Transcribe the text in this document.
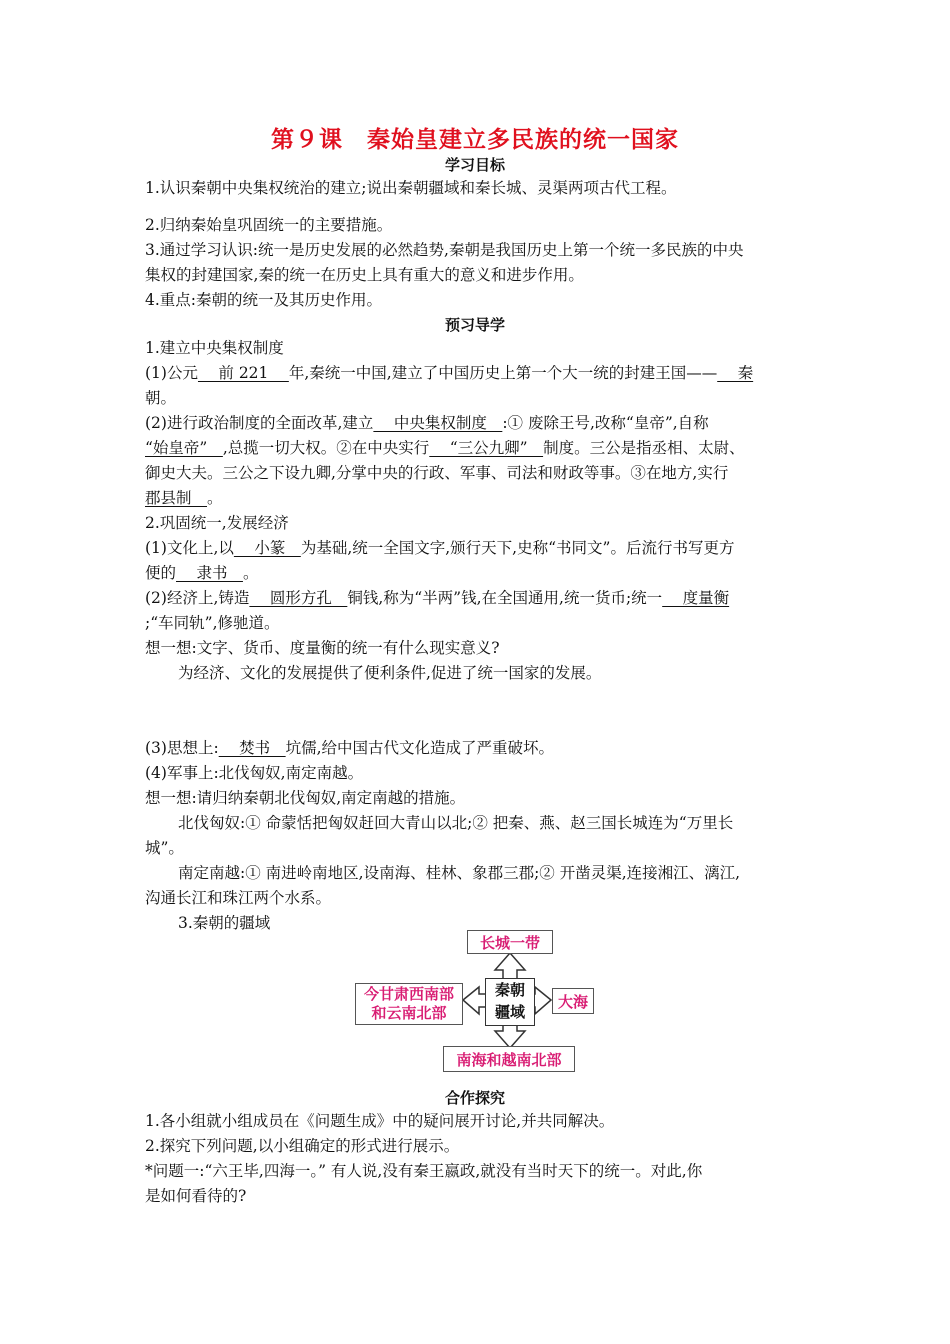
第９课　秦始皇建立多民族的统一国家
学习目标
1.认识秦朝中央集权统治的建立;说出秦朝疆域和秦长城、灵渠两项古代工程。
2.归纳秦始皇巩固统一的主要措施。
3.通过学习认识:统一是历史发展的必然趋势,秦朝是我国历史上第一个统一多民族的中央
集权的封建国家,秦的统一在历史上具有重大的意义和进步作用。
4.重点:秦朝的统一及其历史作用。
预习导学
1.建立中央集权制度
(1)公元　 前 221 　年,秦统一中国,建立了中国历史上第一个大一统的封建王国——　 秦
朝。
(2)进行政治制度的全面改革,建立　 中央集权制度　:① 废除王号,改称“皇帝”,自称
“始皇帝”　,总揽一切大权。②在中央实行　 “三公九卿”　制度。三公是指丞相、太尉、
御史大夫。三公之下设九卿,分掌中央的行政、军事、司法和财政等事。③在地方,实行
郡县制　。
2.巩固统一,发展经济
(1)文化上,以　 小篆　为基础,统一全国文字,颁行天下,史称“书同文”。后流行书写更方
便的　 隶书　。
(2)经济上,铸造　 圆形方孔　铜钱,称为“半两”钱,在全国通用,统一货币;统一　 度量衡
;“车同轨”,修驰道。
想一想:文字、货币、度量衡的统一有什么现实意义?
为经济、文化的发展提供了便利条件,促进了统一国家的发展。
(3)思想上:　 焚书　坑儒,给中国古代文化造成了严重破坏。
(4)军事上:北伐匈奴,南定南越。
想一想:请归纳秦朝北伐匈奴,南定南越的措施。
北伐匈奴:① 命蒙恬把匈奴赶回大青山以北;② 把秦、燕、赵三国长城连为“万里长
城”。
南定南越:① 南进岭南地区,设南海、桂林、象郡三郡;② 开凿灵渠,连接湘江、漓江,
沟通长江和珠江两个水系。
3.秦朝的疆域
秦朝
疆域
长城一带
大海
南海和越南北部
今甘肃西南部
和云南北部
合作探究
1.各小组就小组成员在《问题生成》中的疑问展开讨论,并共同解决。
2.探究下列问题,以小组确定的形式进行展示。
*问题一:“六王毕,四海一。” 有人说,没有秦王嬴政,就没有当时天下的统一。对此,你
是如何看待的?
